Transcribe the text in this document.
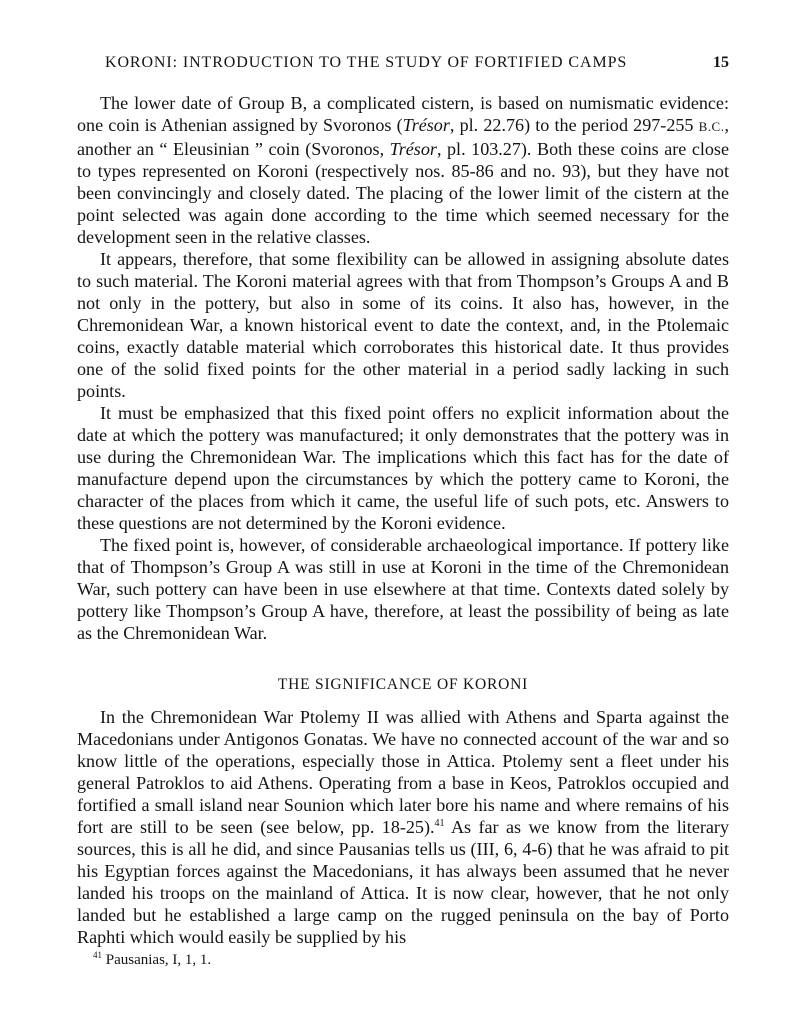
KORONI: INTRODUCTION TO THE STUDY OF FORTIFIED CAMPS	15

The lower date of Group B, a complicated cistern, is based on numismatic evidence: one coin is Athenian assigned by Svoronos (Trésor, pl. 22.76) to the period 297-255 B.C., another an “ Eleusinian ” coin (Svoronos, Trésor, pl. 103.27). Both these coins are close to types represented on Koroni (respectively nos. 85-86 and no. 93), but they have not been convincingly and closely dated. The placing of the lower limit of the cistern at the point selected was again done according to the time which seemed necessary for the development seen in the relative classes.

It appears, therefore, that some flexibility can be allowed in assigning absolute dates to such material. The Koroni material agrees with that from Thompson’s Groups A and B not only in the pottery, but also in some of its coins. It also has, however, in the Chremonidean War, a known historical event to date the context, and, in the Ptolemaic coins, exactly datable material which corroborates this historical date. It thus provides one of the solid fixed points for the other material in a period sadly lacking in such points.

It must be emphasized that this fixed point offers no explicit information about the date at which the pottery was manufactured; it only demonstrates that the pottery was in use during the Chremonidean War. The implications which this fact has for the date of manufacture depend upon the circumstances by which the pottery came to Koroni, the character of the places from which it came, the useful life of such pots, etc. Answers to these questions are not determined by the Koroni evidence.

The fixed point is, however, of considerable archaeological importance. If pottery like that of Thompson’s Group A was still in use at Koroni in the time of the Chremonidean War, such pottery can have been in use elsewhere at that time. Contexts dated solely by pottery like Thompson’s Group A have, therefore, at least the possibility of being as late as the Chremonidean War.

THE SIGNIFICANCE OF KORONI

In the Chremonidean War Ptolemy II was allied with Athens and Sparta against the Macedonians under Antigonos Gonatas. We have no connected account of the war and so know little of the operations, especially those in Attica. Ptolemy sent a fleet under his general Patroklos to aid Athens. Operating from a base in Keos, Patroklos occupied and fortified a small island near Sounion which later bore his name and where remains of his fort are still to be seen (see below, pp. 18-25).$^{41}$ As far as we know from the literary sources, this is all he did, and since Pausanias tells us (III, 6, 4-6) that he was afraid to pit his Egyptian forces against the Macedonians, it has always been assumed that he never landed his troops on the mainland of Attica. It is now clear, however, that he not only landed but he established a large camp on the rugged peninsula on the bay of Porto Raphti which would easily be supplied by his

$^{41}$ Pausanias, I, 1, 1.
